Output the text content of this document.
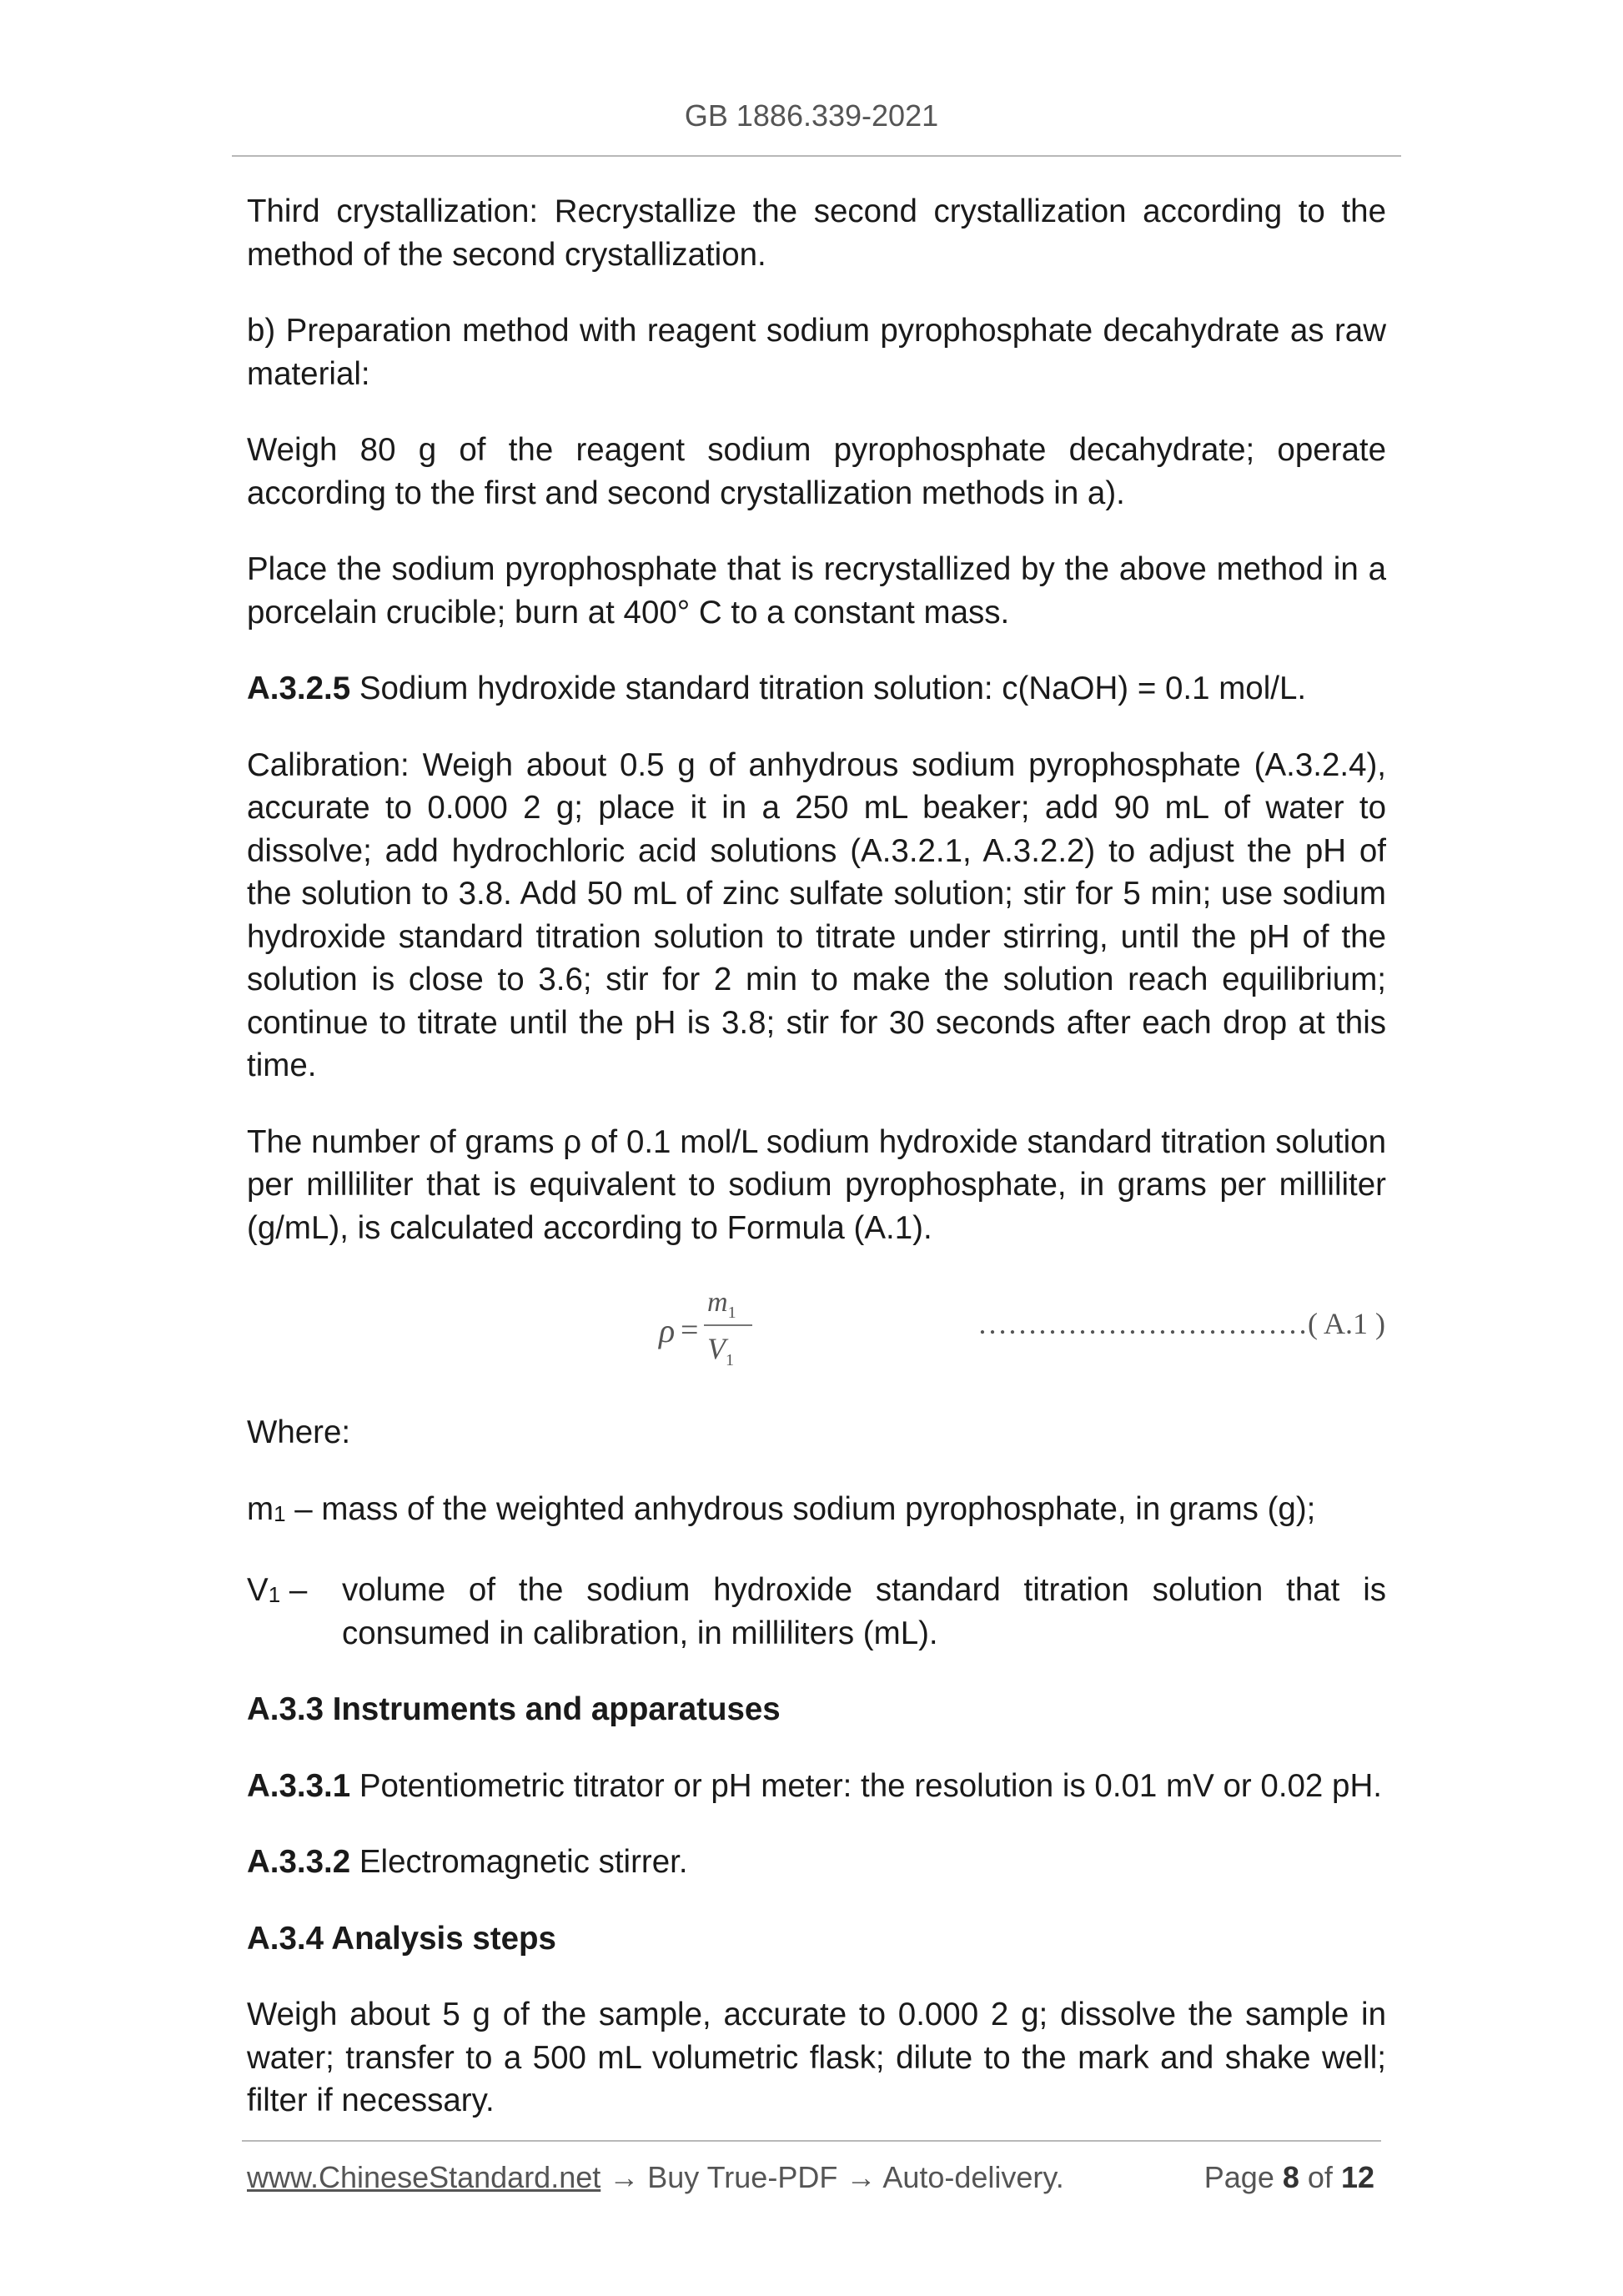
GB 1886.339-2021

Third crystallization: Recrystallize the second crystallization according to the method of the second crystallization.

b) Preparation method with reagent sodium pyrophosphate decahydrate as raw material:

Weigh 80 g of the reagent sodium pyrophosphate decahydrate; operate according to the first and second crystallization methods in a).

Place the sodium pyrophosphate that is recrystallized by the above method in a porcelain crucible; burn at 400° C to a constant mass.

A.3.2.5 Sodium hydroxide standard titration solution: c(NaOH) = 0.1 mol/L.

Calibration: Weigh about 0.5 g of anhydrous sodium pyrophosphate (A.3.2.4), accurate to 0.000 2 g; place it in a 250 mL beaker; add 90 mL of water to dissolve; add hydrochloric acid solutions (A.3.2.1, A.3.2.2) to adjust the pH of the solution to 3.8. Add 50 mL of zinc sulfate solution; stir for 5 min; use sodium hydroxide standard titration solution to titrate under stirring, until the pH of the solution is close to 3.6; stir for 2 min to make the solution reach equilibrium; continue to titrate until the pH is 3.8; stir for 30 seconds after each drop at this time.

The number of grams ρ of 0.1 mol/L sodium hydroxide standard titration solution per milliliter that is equivalent to sodium pyrophosphate, in grams per milliliter (g/mL), is calculated according to Formula (A.1).

ρ =
$m_1$
$V_1$
……………………………( A.1 )

Where:

m1 – mass of the weighted anhydrous sodium pyrophosphate, in grams (g);

V1 –	volume of the sodium hydroxide standard titration solution that is consumed in calibration, in milliliters (mL).

A.3.3 Instruments and apparatuses

A.3.3.1 Potentiometric titrator or pH meter: the resolution is 0.01 mV or 0.02 pH.

A.3.3.2 Electromagnetic stirrer.

A.3.4 Analysis steps

Weigh about 5 g of the sample, accurate to 0.000 2 g; dissolve the sample in water; transfer to a 500 mL volumetric flask; dilute to the mark and shake well; filter if necessary.

www.ChineseStandard.net → Buy True-PDF → Auto-delivery.	Page 8 of 12
